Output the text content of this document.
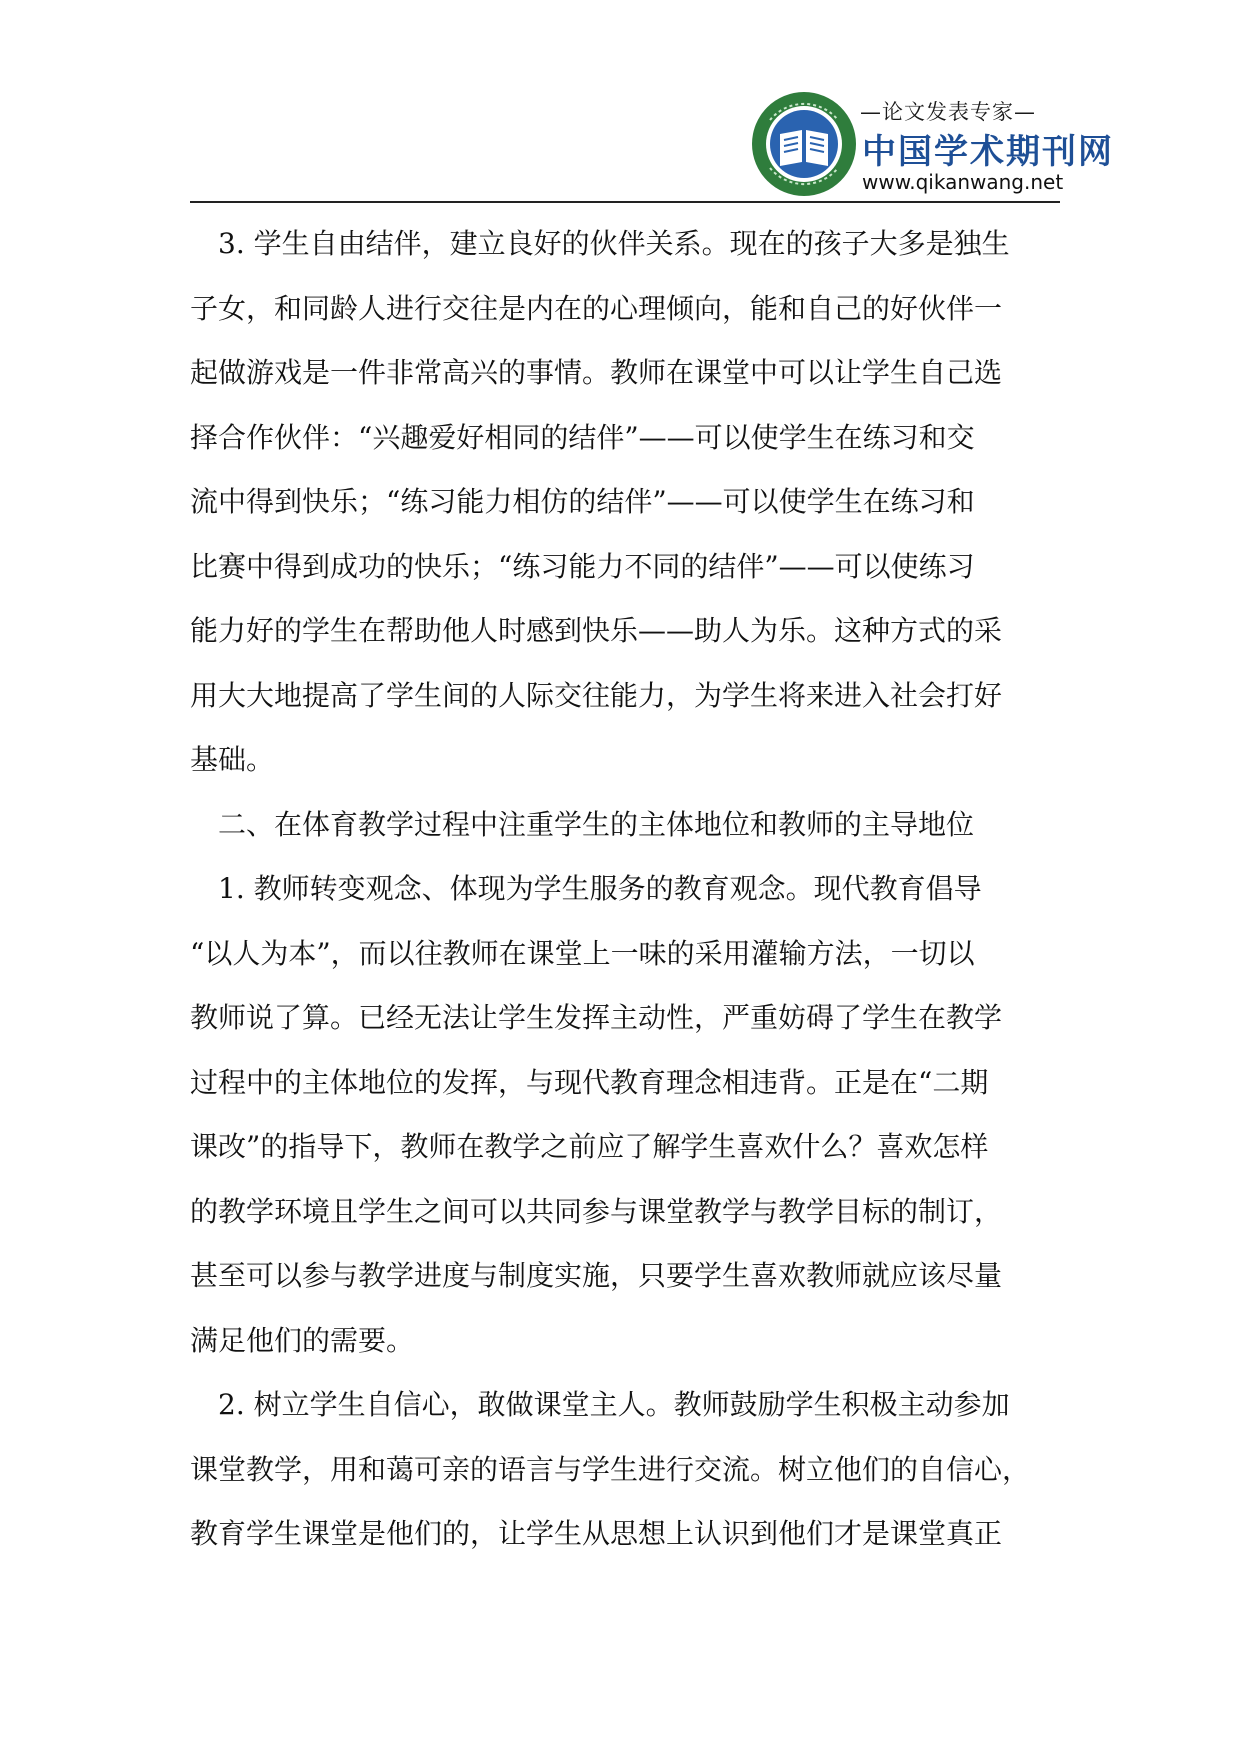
—论文发表专家—
中国学术期刊网
www.qikanwang.net
3. 学生自由结伴，建立良好的伙伴关系。现在的孩子大多是独生
子女，和同龄人进行交往是内在的心理倾向，能和自己的好伙伴一
起做游戏是一件非常高兴的事情。教师在课堂中可以让学生自己选
择合作伙伴：“兴趣爱好相同的结伴”——可以使学生在练习和交
流中得到快乐；“练习能力相仿的结伴”——可以使学生在练习和
比赛中得到成功的快乐；“练习能力不同的结伴”——可以使练习
能力好的学生在帮助他人时感到快乐——助人为乐。这种方式的采
用大大地提高了学生间的人际交往能力，为学生将来进入社会打好
基础。
二、在体育教学过程中注重学生的主体地位和教师的主导地位
1. 教师转变观念、体现为学生服务的教育观念。现代教育倡导
“以人为本”，而以往教师在课堂上一味的采用灌输方法，一切以
教师说了算。已经无法让学生发挥主动性，严重妨碍了学生在教学
过程中的主体地位的发挥，与现代教育理念相违背。正是在“二期
课改”的指导下，教师在教学之前应了解学生喜欢什么？喜欢怎样
的教学环境且学生之间可以共同参与课堂教学与教学目标的制订，
甚至可以参与教学进度与制度实施，只要学生喜欢教师就应该尽量
满足他们的需要。
2. 树立学生自信心，敢做课堂主人。教师鼓励学生积极主动参加
课堂教学，用和蔼可亲的语言与学生进行交流。树立他们的自信心，
教育学生课堂是他们的，让学生从思想上认识到他们才是课堂真正
